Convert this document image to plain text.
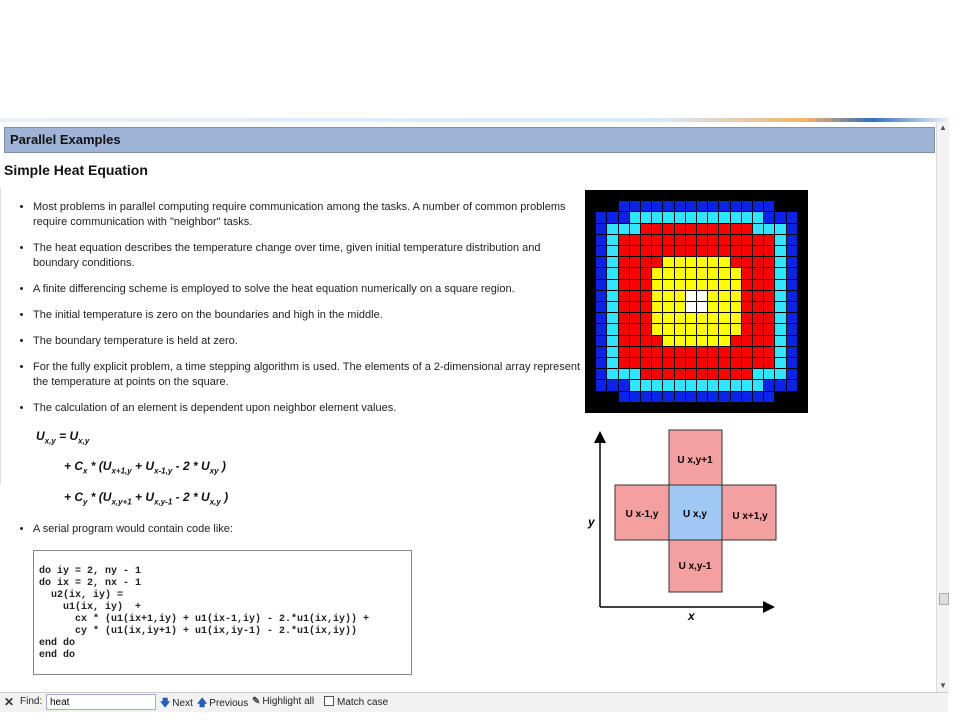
Parallel Examples
Simple Heat Equation
• Most problems in parallel computing require communication among the tasks. A number of common problems require communication with "neighbor" tasks.
• The heat equation describes the temperature change over time, given initial temperature distribution and boundary conditions.
• A finite differencing scheme is employed to solve the heat equation numerically on a square region.
• The initial temperature is zero on the boundaries and high in the middle.
• The boundary temperature is held at zero.
• For the fully explicit problem, a time stepping algorithm is used. The elements of a 2-dimensional array represent the temperature at points on the square.
• The calculation of an element is dependent upon neighbor element values.
$U_{x,y} = U_{x,y}$
+ $C_x * (U_{x+1,y} + U_{x-1,y} - 2 * U_{xy}$ )
+ $C_y * (U_{x,y+1} + U_{x,y-1} - 2 * U_{x,y}$ )
• A serial program would contain code like:
do iy = 2, ny - 1
do ix = 2, nx - 1
u2(ix, iy) =
u1(ix, iy)  +
cx * (u1(ix+1,iy) + u1(ix-1,iy) - 2.*u1(ix,iy)) +
cy * (u1(ix,iy+1) + u1(ix,iy-1) - 2.*u1(ix,iy))
end do
end do
y
x
U x,y+1
U x-1,y U x,y	U x+1,y
U x,y-1
▲
▼
✕ Find:
heat	🡇 Next 🡅 Previous ✎ Highlight all	Match case
